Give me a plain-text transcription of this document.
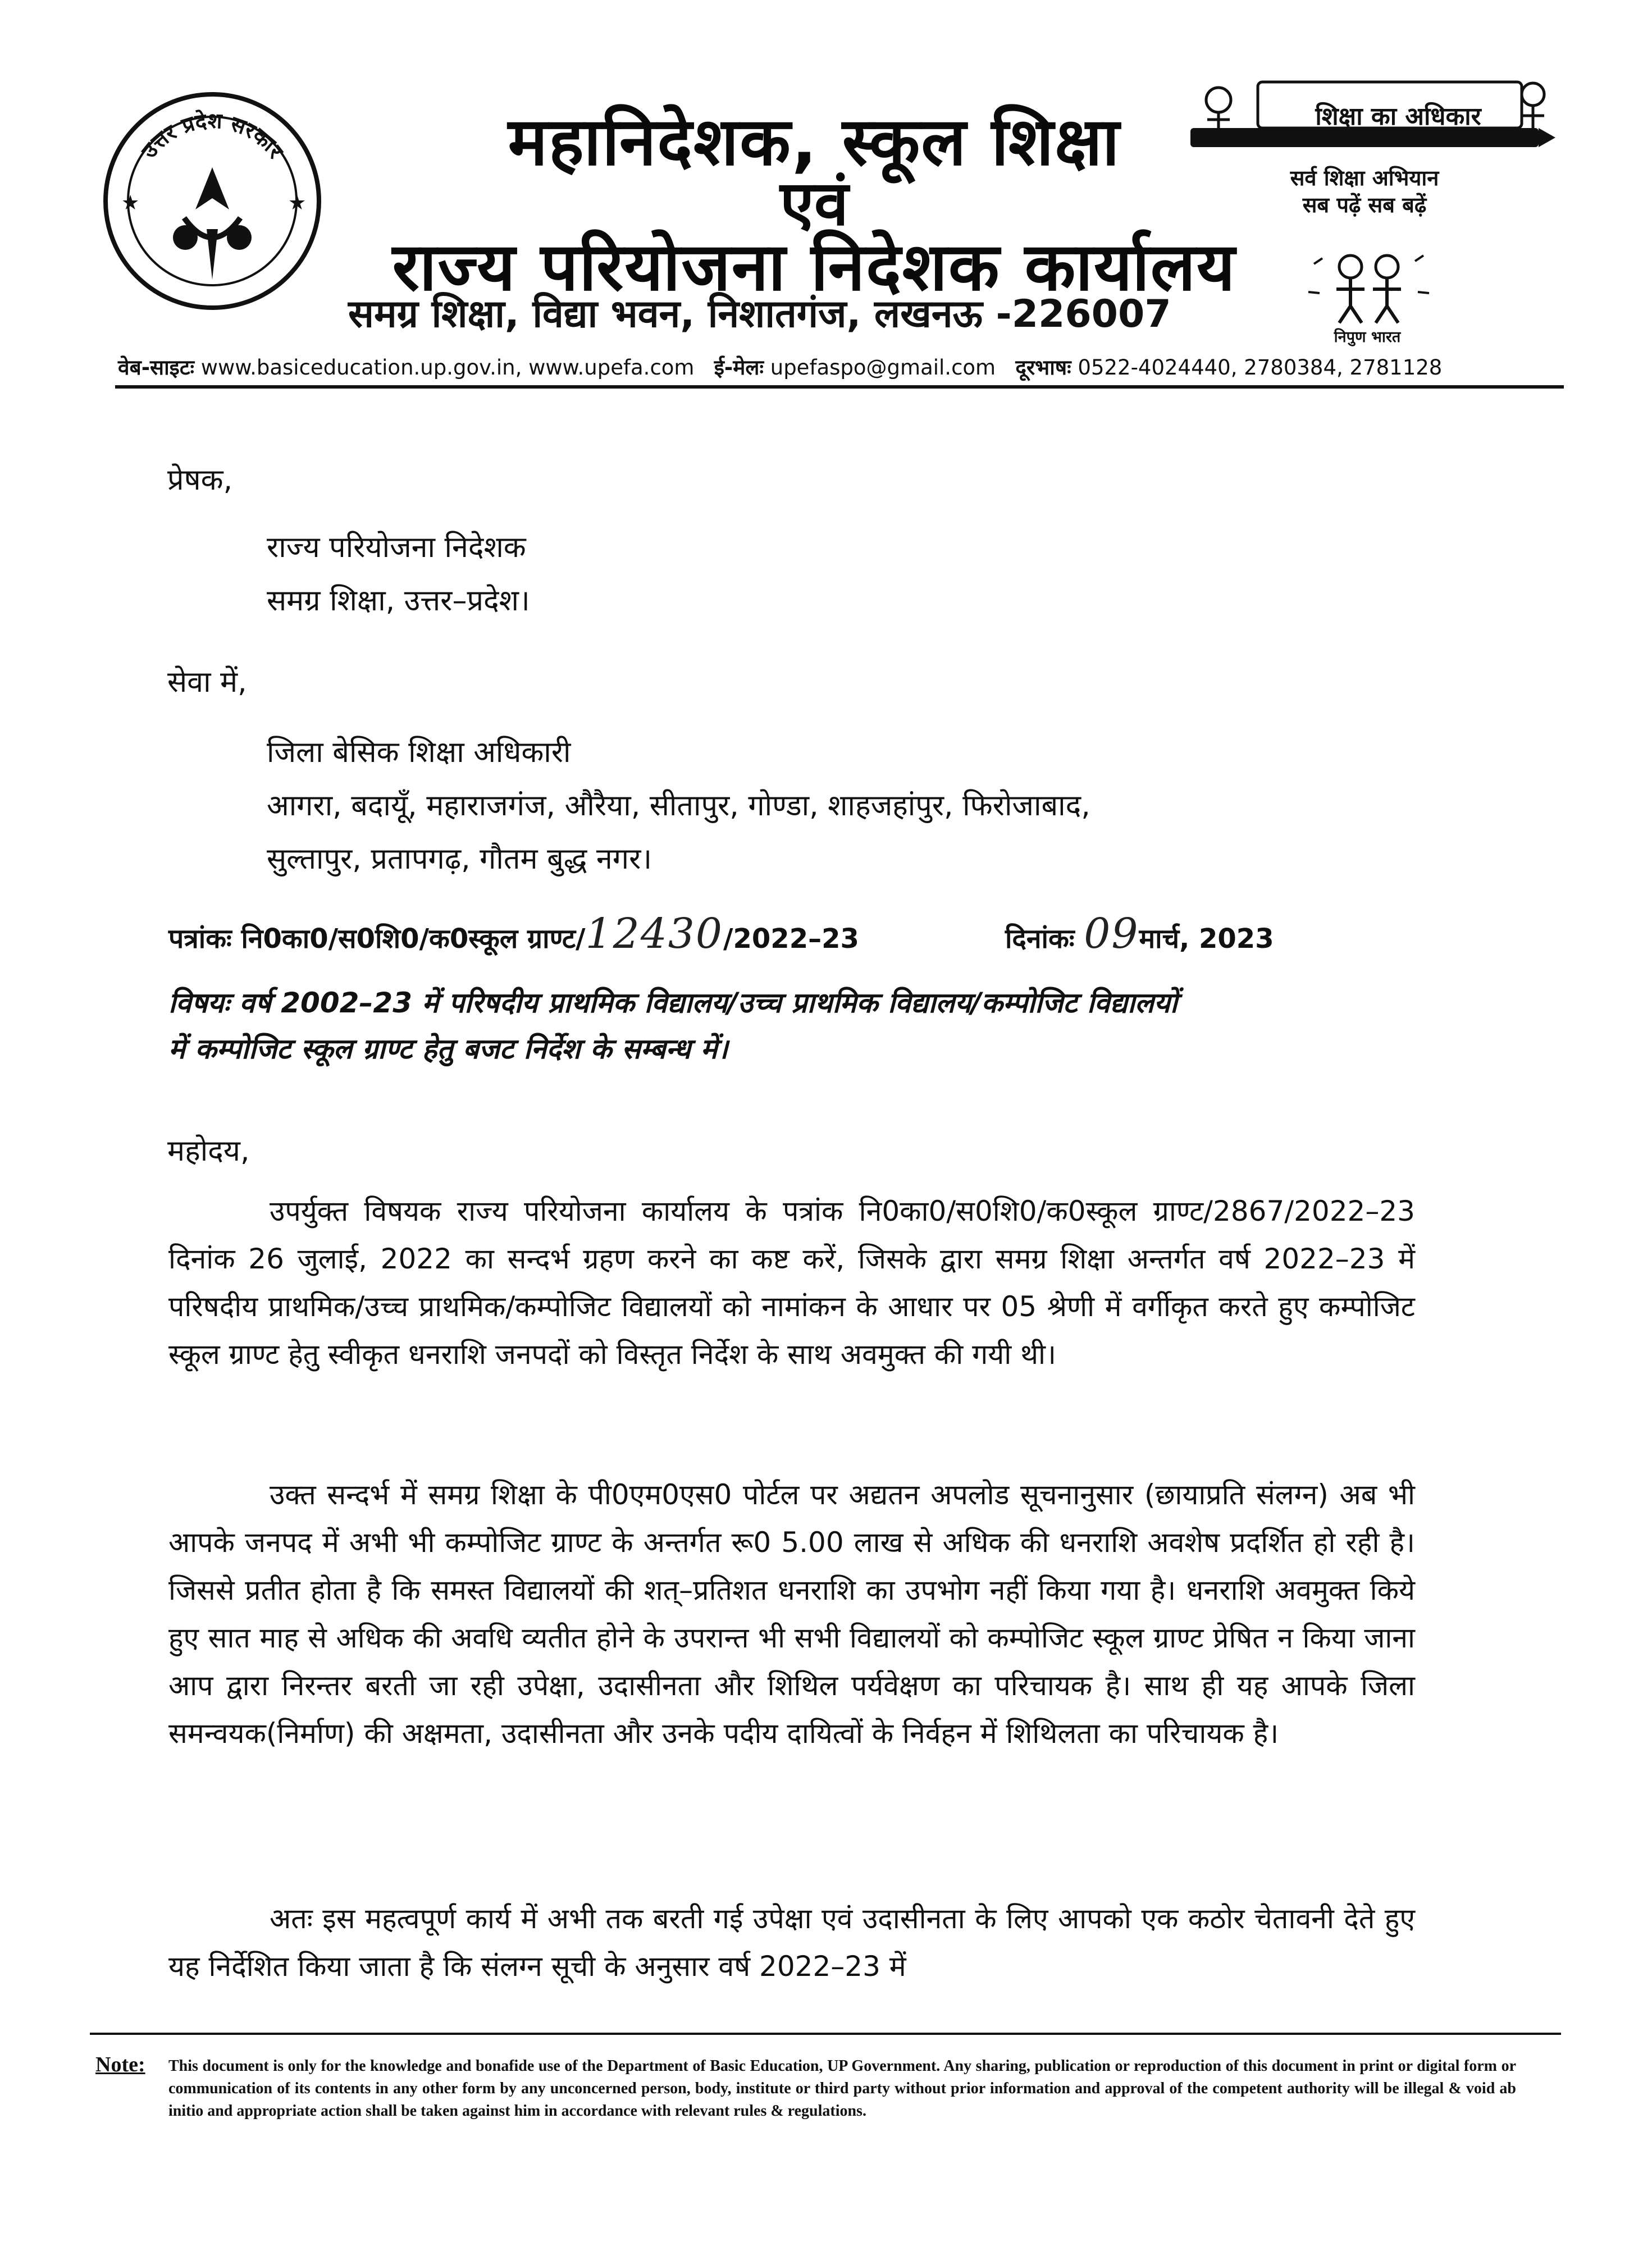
उत्तर प्रदेश सरकार
★	★
महानिदेशक, स्कूल शिक्षा
एवं
राज्य परियोजना निदेशक कार्यालय
समग्र शिक्षा, विद्या भवन, निशातगंज, लखनऊ -226007
शिक्षा का अधिकार
सर्व शिक्षा अभियान
सब पढ़ें सब बढ़ें
निपुण भारत
वेब-साइटः www.basiceducation.up.gov.in, www.upefa.com ई-मेलः upefaspo@gmail.com दूरभाषः 0522-4024440, 2780384, 2781128
प्रेषक,
राज्य परियोजना निदेशक
समग्र शिक्षा, उत्तर–प्रदेश।
सेवा में,
जिला बेसिक शिक्षा अधिकारी
आगरा, बदायूँ, महाराजगंज, औरैया, सीतापुर, गोण्डा, शाहजहांपुर, फिरोजाबाद,
सुल्तापुर, प्रतापगढ़, गौतम बुद्ध नगर।
पत्रांकः नि0का0/स0शि0/क0स्कूल ग्राण्ट/12430/2022–23	दिनांकः 09मार्च, 2023
विषयः वर्ष 2002–23 में परिषदीय प्राथमिक विद्यालय/उच्च प्राथमिक विद्यालय/कम्पोजिट विद्यालयों
में कम्पोजिट स्कूल ग्राण्ट हेतु बजट निर्देश के सम्बन्ध में।
महोदय,

उपर्युक्त विषयक राज्य परियोजना कार्यालय के पत्रांक नि0का0/स0शि0/क0स्कूल ग्राण्ट/2867/2022–23 दिनांक 26 जुलाई, 2022 का सन्दर्भ ग्रहण करने का कष्ट करें, जिसके द्वारा समग्र शिक्षा अन्तर्गत वर्ष 2022–23 में परिषदीय प्राथमिक/उच्च प्राथमिक/कम्पोजिट विद्यालयों को नामांकन के आधार पर 05 श्रेणी में वर्गीकृत करते हुए कम्पोजिट स्कूल ग्राण्ट हेतु स्वीकृत धनराशि जनपदों को विस्तृत निर्देश के साथ अवमुक्त की गयी थी।

उक्त सन्दर्भ में समग्र शिक्षा के पी0एम0एस0 पोर्टल पर अद्यतन अपलोड सूचनानुसार (छायाप्रति संलग्न) अब भी आपके जनपद में अभी भी कम्पोजिट ग्राण्ट के अन्तर्गत रू0 5.00 लाख से अधिक की धनराशि अवशेष प्रदर्शित हो रही है। जिससे प्रतीत होता है कि समस्त विद्यालयों की शत्–प्रतिशत धनराशि का उपभोग नहीं किया गया है। धनराशि अवमुक्त किये हुए सात माह से अधिक की अवधि व्यतीत होने के उपरान्त भी सभी विद्यालयों को कम्पोजिट स्कूल ग्राण्ट प्रेषित न किया जाना आप द्वारा निरन्तर बरती जा रही उपेक्षा, उदासीनता और शिथिल पर्यवेक्षण का परिचायक है। साथ ही यह आपके जिला समन्वयक(निर्माण) की अक्षमता, उदासीनता और उनके पदीय दायित्वों के निर्वहन में शिथिलता का परिचायक है।

अतः इस महत्वपूर्ण कार्य में अभी तक बरती गई उपेक्षा एवं उदासीनता के लिए आपको एक कठोर चेतावनी देते हुए यह निर्देशित किया जाता है कि संलग्न सूची के अनुसार वर्ष 2022–23 में

Note: This document is only for the knowledge and bonafide use of the Department of Basic Education, UP Government. Any sharing, publication or reproduction of this document in print or digital form or communication of its contents in any other form by any unconcerned person, body, institute or third party without prior information and approval of the competent authority will be illegal & void ab initio and appropriate action shall be taken against him in accordance with relevant rules & regulations.
